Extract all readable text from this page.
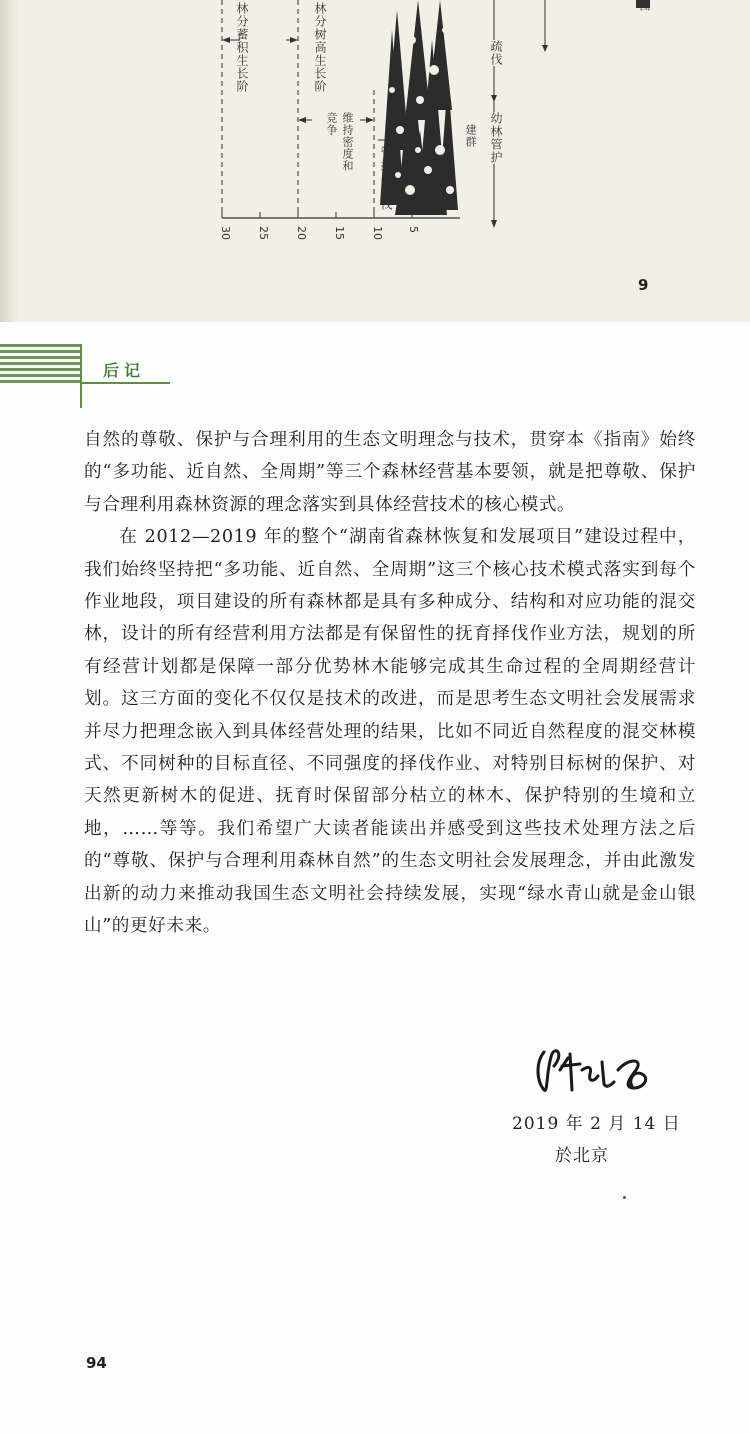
林分蓄积生长阶	林分树高生长阶
维持密度和竞争
管护与疏伐
建群 幼林管护
疏伐
图
30 25 20 15 10 5
9
后记

自然的尊敬、保护与合理利用的生态文明理念与技术，贯穿本《指南》始终的“多功能、近自然、全周期”等三个森林经营基本要领，就是把尊敬、保护与合理利用森林资源的理念落实到具体经营技术的核心模式。

在 2012—2019 年的整个“湖南省森林恢复和发展项目”建设过程中，我们始终坚持把“多功能、近自然、全周期”这三个核心技术模式落实到每个作业地段，项目建设的所有森林都是具有多种成分、结构和对应功能的混交林，设计的所有经营利用方法都是有保留性的抚育择伐作业方法，规划的所有经营计划都是保障一部分优势林木能够完成其生命过程的全周期经营计划。这三方面的变化不仅仅是技术的改进，而是思考生态文明社会发展需求并尽力把理念嵌入到具体经营处理的结果，比如不同近自然程度的混交林模式、不同树种的目标直径、不同强度的择伐作业、对特别目标树的保护、对天然更新树木的促进、抚育时保留部分枯立的林木、保护特别的生境和立地，……等等。我们希望广大读者能读出并感受到这些技术处理方法之后的“尊敬、保护与合理利用森林自然”的生态文明社会发展理念，并由此激发出新的动力来推动我国生态文明社会持续发展，实现“绿水青山就是金山银山”的更好未来。

2019 年 2 月 14 日
於北京
94
